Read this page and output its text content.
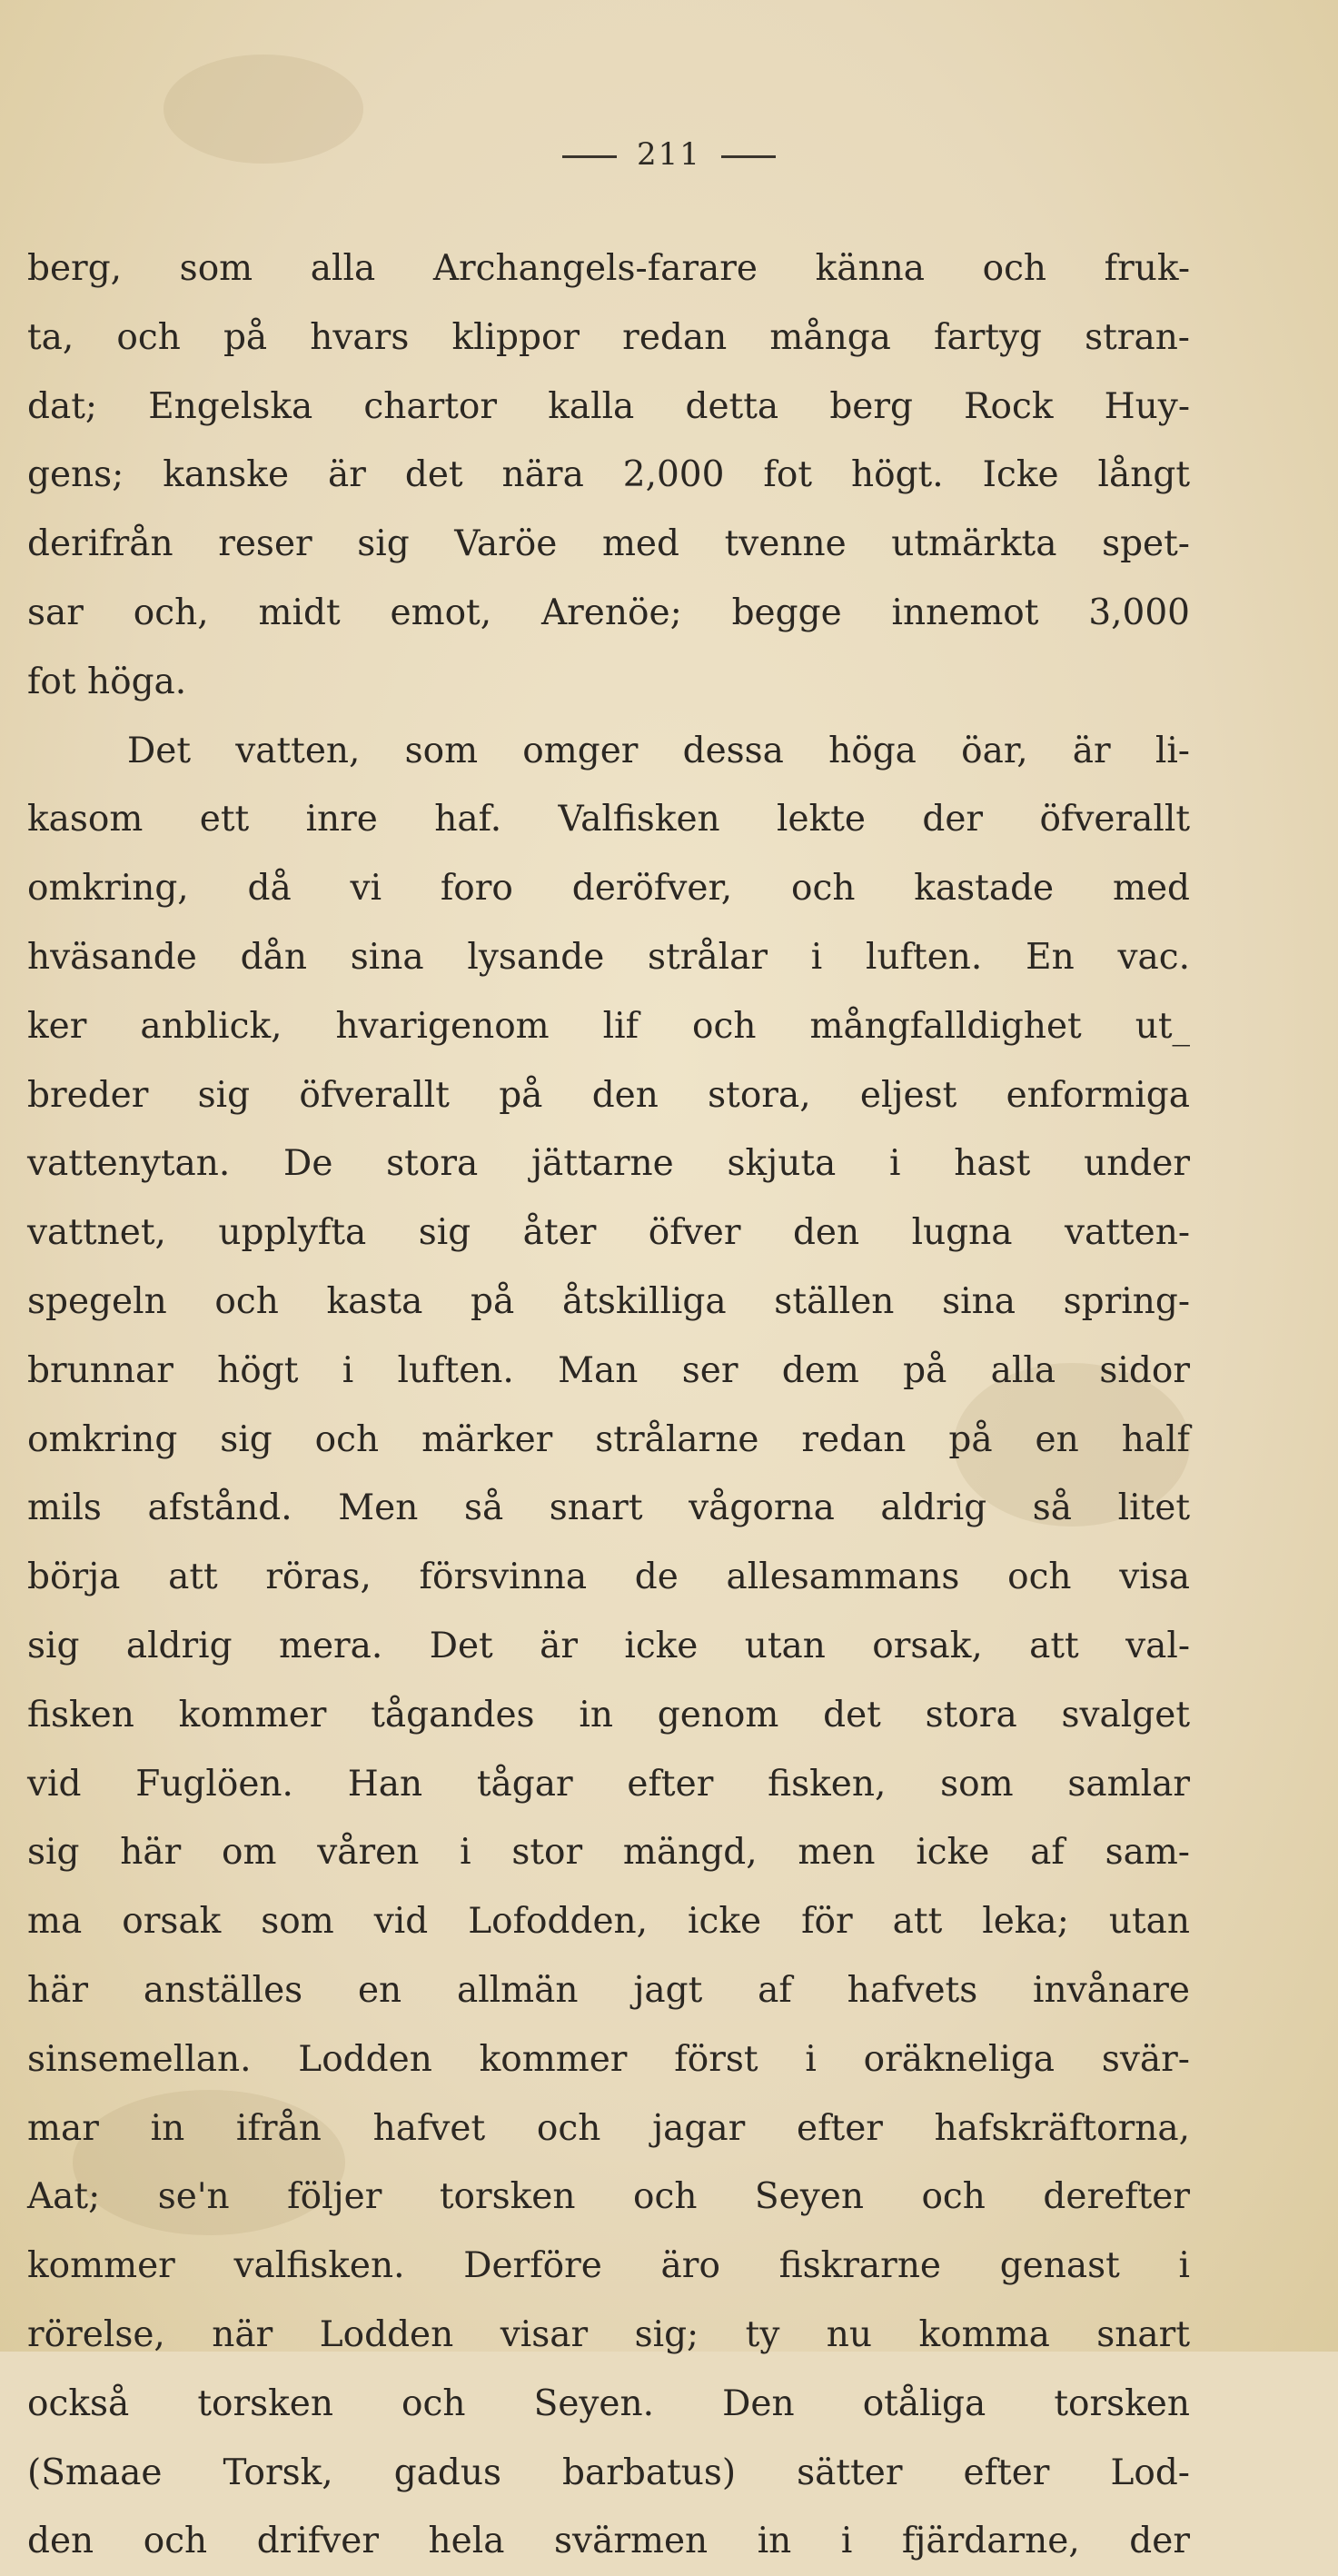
211
berg, som alla Archangels-farare känna och fruk-
ta, och på hvars klippor redan många fartyg stran-
dat; Engelska chartor kalla detta berg Rock Huy-
gens; kanske är det nära 2,000 fot högt. Icke långt
derifrån reser sig Varöe med tvenne utmärkta spet-
sar och, midt emot, Arenöe; begge innemot 3,000
fot höga.
Det vatten, som omger dessa höga öar, är li-
kasom ett inre haf. Valfisken lekte der öfverallt
omkring, då vi foro deröfver, och kastade med
hväsande dån sina lysande strålar i luften. En vac.
ker anblick, hvarigenom lif och mångfalldighet ut_
breder sig öfverallt på den stora, eljest enformiga
vattenytan. De stora jättarne skjuta i hast under
vattnet, upplyfta sig åter öfver den lugna vatten-
spegeln och kasta på åtskilliga ställen sina spring-
brunnar högt i luften. Man ser dem på alla sidor
omkring sig och märker strålarne redan på en half
mils afstånd. Men så snart vågorna aldrig så litet
börja att röras, försvinna de allesammans och visa
sig aldrig mera. Det är icke utan orsak, att val-
fisken kommer tågandes in genom det stora svalget
vid Fuglöen. Han tågar efter fisken, som samlar
sig här om våren i stor mängd, men icke af sam-
ma orsak som vid Lofodden, icke för att leka; utan
här anställes en allmän jagt af hafvets invånare
sinsemellan. Lodden kommer först i oräkneliga svär-
mar in ifrån hafvet och jagar efter hafskräftorna,
Aat; se'n följer torsken och Seyen och derefter
kommer valfisken. Derföre äro fiskrarne genast i
rörelse, när Lodden visar sig; ty nu komma snart
också torsken och Seyen. Den otåliga torsken
(Smaae Torsk, gadus barbatus) sätter efter Lod-
den och drifver hela svärmen in i fjärdarne, der
